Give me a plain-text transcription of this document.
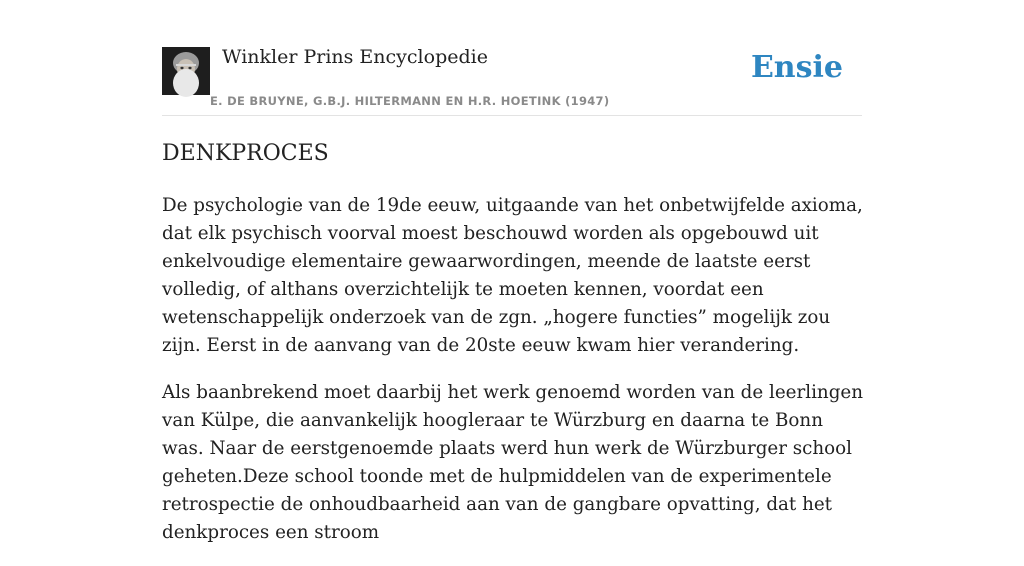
Winkler Prins Encyclopedie
E. DE BRUYNE, G.B.J. HILTERMANN EN H.R. HOETINK (1947)
Ensie
DENKPROCES

De psychologie van de 19de eeuw, uitgaande van het onbetwijfelde axioma, dat elk psychisch voorval moest beschouwd worden als opgebouwd uit enkelvoudige elementaire gewaarwordingen, meende de laatste eerst volledig, of althans overzichtelijk te moeten kennen, voordat een wetenschappelijk onderzoek van de zgn. „hogere functies” mogelijk zou zijn. Eerst in de aanvang van de 20ste eeuw kwam hier verandering.

Als baanbrekend moet daarbij het werk genoemd worden van de leerlingen van Külpe, die aanvankelijk hoogleraar te Würzburg en daarna te Bonn was. Naar de eerstgenoemde plaats werd hun werk de Würzburger school geheten.Deze school toonde met de hulpmiddelen van de experimentele retrospectie de onhoudbaarheid aan van de gangbare opvatting, dat het denkproces een stroom
